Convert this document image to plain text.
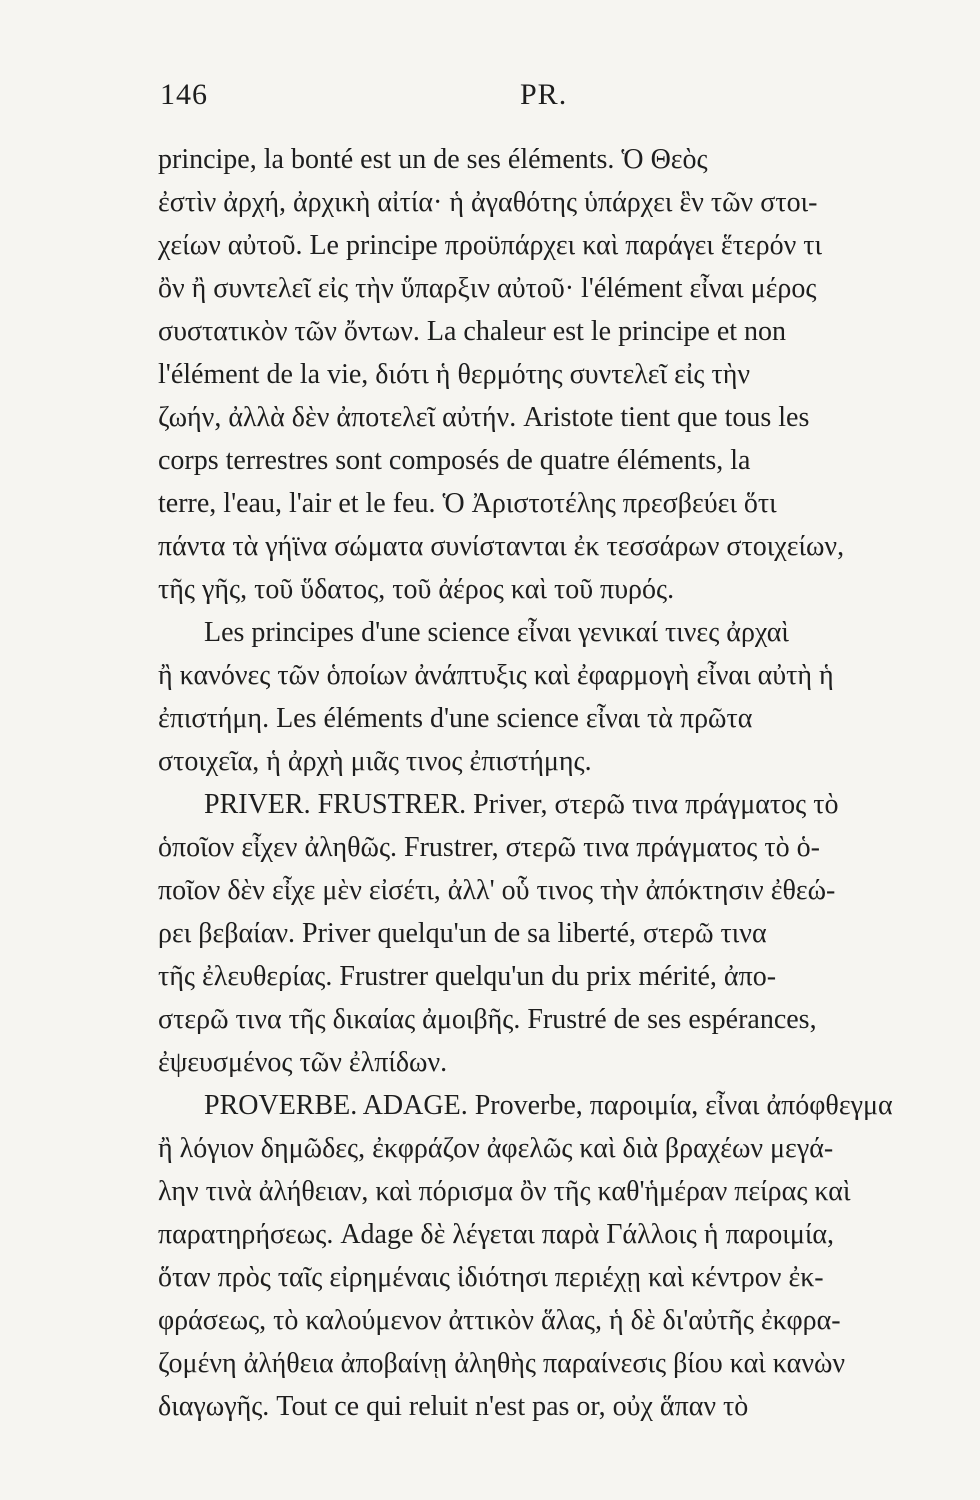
146	PR.
principe, la bonté est un de ses éléments. Ὁ Θεὸς
ἐστὶν ἀρχή, ἀρχικὴ αἰτία· ἡ ἀγαθότης ὑπάρχει ἓν τῶν στοι-
χείων αὐτοῦ. Le principe προϋπάρχει καὶ παράγει ἕτερόν τι
ὂν ἢ συντελεῖ εἰς τὴν ὕπαρξιν αὐτοῦ· l'élément εἶναι μέρος
συστατικὸν τῶν ὄντων. La chaleur est le principe et non
l'élément de la vie, διότι ἡ θερμότης συντελεῖ εἰς τὴν
ζωήν, ἀλλὰ δὲν ἀποτελεῖ αὐτήν. Aristote tient que tous les
corps terrestres sont composés de quatre éléments, la
terre, l'eau, l'air et le feu. Ὁ Ἀριστοτέλης πρεσβεύει ὅτι
πάντα τὰ γήϊνα σώματα συνίστανται ἐκ τεσσάρων στοιχείων,
τῆς γῆς, τοῦ ὕδατος, τοῦ ἀέρος καὶ τοῦ πυρός.
Les principes d'une science εἶναι γενικαί τινες ἀρχαὶ
ἢ κανόνες τῶν ὁποίων ἀνάπτυξις καὶ ἐφαρμογὴ εἶναι αὐτὴ ἡ
ἐπιστήμη. Les éléments d'une science εἶναι τὰ πρῶτα
στοιχεῖα, ἡ ἀρχὴ μιᾶς τινος ἐπιστήμης.
PRIVER. FRUSTRER. Priver, στερῶ τινα πράγματος τὸ
ὁποῖον εἶχεν ἀληθῶς. Frustrer, στερῶ τινα πράγματος τὸ ὁ-
ποῖον δὲν εἶχε μὲν εἰσέτι, ἀλλ' οὗ τινος τὴν ἀπόκτησιν ἐθεώ-
ρει βεβαίαν. Priver quelqu'un de sa liberté, στερῶ τινα
τῆς ἐλευθερίας. Frustrer quelqu'un du prix mérité, ἀπο-
στερῶ τινα τῆς δικαίας ἀμοιβῆς. Frustré de ses espérances,
ἐψευσμένος τῶν ἐλπίδων.
PROVERBE. ADAGE. Proverbe, παροιμία, εἶναι ἀπόφθεγμα
ἢ λόγιον δημῶδες, ἐκφράζον ἀφελῶς καὶ διὰ βραχέων μεγά-
λην τινὰ ἀλήθειαν, καὶ πόρισμα ὂν τῆς καθ'ἡμέραν πείρας καὶ
παρατηρήσεως. Adage δὲ λέγεται παρὰ Γάλλοις ἡ παροιμία,
ὅταν πρὸς ταῖς εἰρημέναις ἰδιότησι περιέχῃ καὶ κέντρον ἐκ-
φράσεως, τὸ καλούμενον ἀττικὸν ἅλας, ἡ δὲ δι'αὐτῆς ἐκφρα-
ζομένη ἀλήθεια ἀποβαίνῃ ἀληθὴς παραίνεσις βίου καὶ κανὼν
διαγωγῆς. Tout ce qui reluit n'est pas or, οὐχ ἅπαν τὸ
